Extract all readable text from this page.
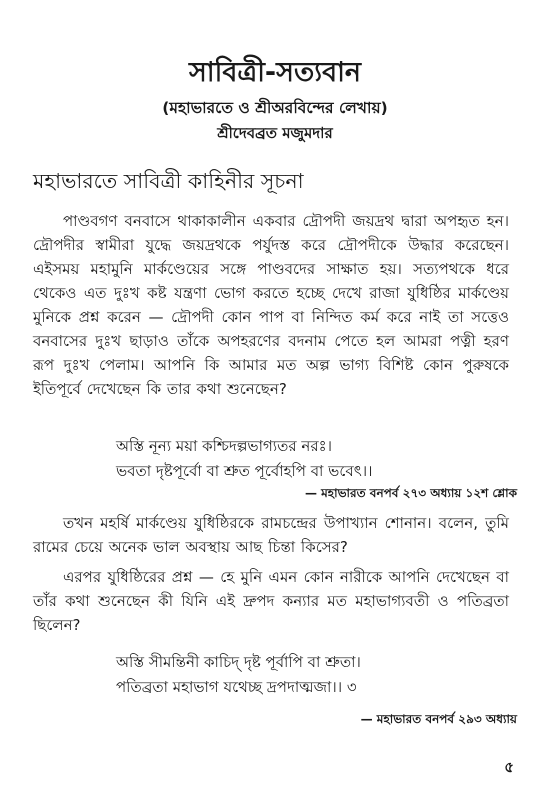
সাবিত্রী-সত্যবান
(মহাভারতে ও শ্রীঅরবিন্দের লেখায়)
শ্রীদেবব্রত মজুমদার
মহাভারতে সাবিত্রী কাহিনীর সূচনা

পাণ্ডবগণ বনবাসে থাকাকালীন একবার দ্রৌপদী জয়দ্রথ দ্বারা অপহৃত হন। দ্রৌপদীর স্বামীরা যুদ্ধে জয়দ্রথকে পর্যুদস্ত করে দ্রৌপদীকে উদ্ধার করেছেন। এইসময় মহামুনি মার্কণ্ডেয়ের সঙ্গে পাণ্ডবদের সাক্ষাত হয়। সত্যপথকে ধরে থেকেও এত দুঃখ কষ্ট যন্ত্রণা ভোগ করতে হচ্ছে দেখে রাজা যুধিষ্ঠির মার্কণ্ডেয় মুনিকে প্রশ্ন করেন — দ্রৌপদী কোন পাপ বা নিন্দিত কর্ম করে নাই তা সত্তেও বনবাসের দুঃখ ছাড়াও তাঁকে অপহরণের বদনাম পেতে হল আমরা পত্নী হরণ রূপ দুঃখ পেলাম। আপনি কি আমার মত অল্প ভাগ্য বিশিষ্ট কোন পুরুষকে ইতিপূর্বে দেখেছেন কি তার কথা শুনেছেন?

অস্তি নূন্য ময়া কশ্চিদল্পভাগ্যতর নরঃ।
ভবতা দৃষ্টপূর্বো বা শ্রুত পূর্বোহপি বা ভবেৎ।।

— মহাভারত বনপর্ব ২৭৩ অধ্যায় ১২শ শ্লোক

তখন মহর্ষি মার্কণ্ডেয় যুধিষ্ঠিরকে রামচন্দ্রের উপাখ্যান শোনান। বলেন, তুমি রামের চেয়ে অনেক ভাল অবস্থায় আছ চিন্তা কিসের?

এরপর যুধিষ্ঠিরের প্রশ্ন — হে মুনি এমন কোন নারীকে আপনি দেখেছেন বা তাঁর কথা শুনেছেন কী যিনি এই দ্রুপদ কন্যার মত মহাভাগ্যবতী ও পতিব্রতা ছিলেন?

অস্তি সীমন্তিনী কাচিদ্ দৃষ্ট পূর্বাপি বা শ্রুতা।
পতিব্রতা মহাভাগ যথেচ্ছ দ্রপদাত্মজা।। ৩

— মহাভারত বনপর্ব ২৯৩ অধ্যায়

৫
